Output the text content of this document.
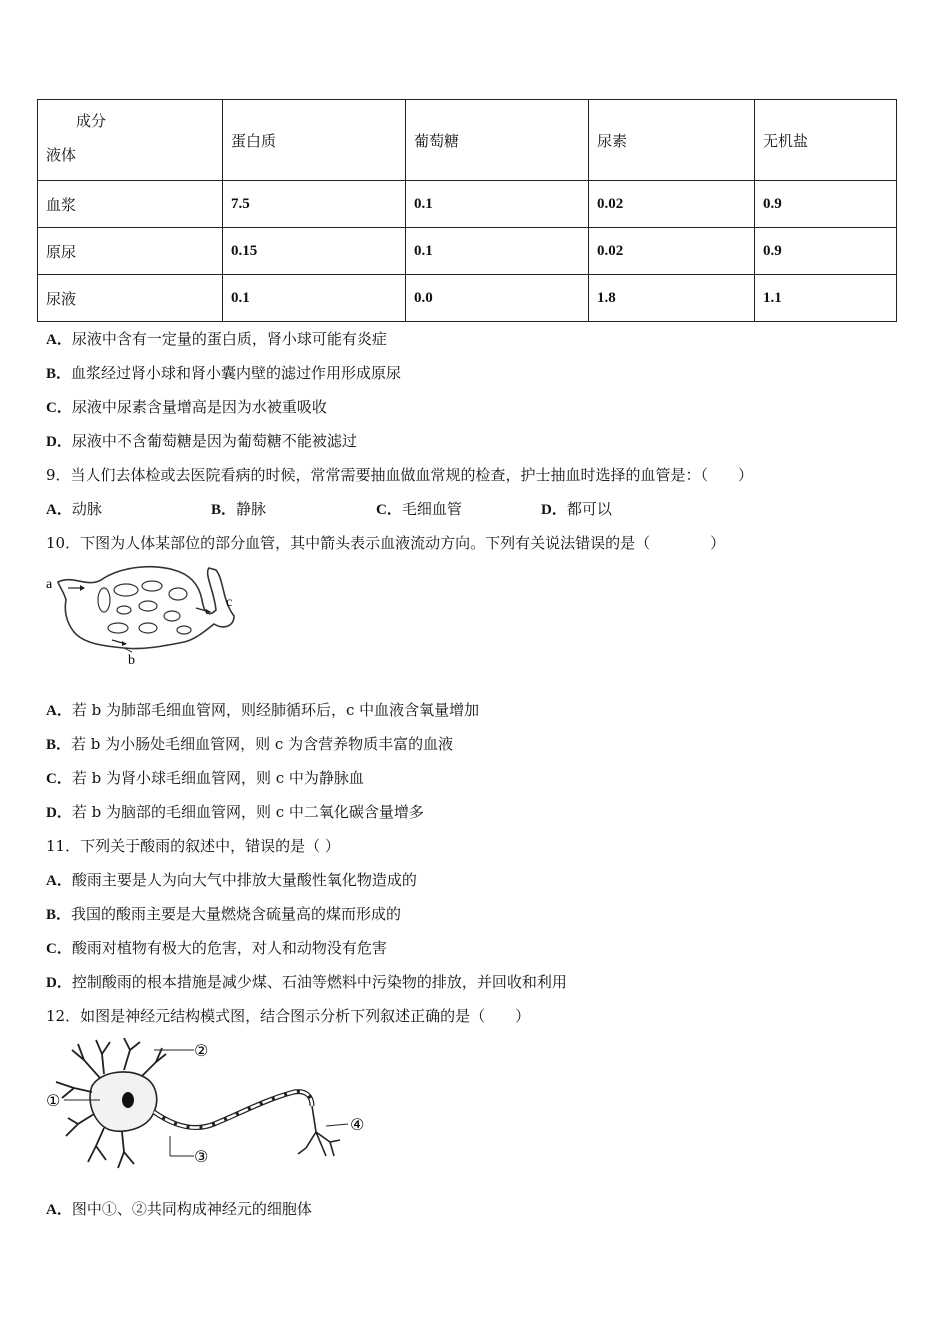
成分
液体	蛋白质	葡萄糖	尿素	无机盐
血浆	7.5	0.1	0.02	0.9
原尿	0.15	0.1	0.02	0.9
尿液	0.1	0.0	1.8	1.1
A．尿液中含有一定量的蛋白质，肾小球可能有炎症
B．血浆经过肾小球和肾小囊内壁的滤过作用形成原尿
C．尿液中尿素含量增高是因为水被重吸收
D．尿液中不含葡萄糖是因为葡萄糖不能被滤过
9．当人们去体检或去医院看病的时候，常常需要抽血做血常规的检查，护士抽血时选择的血管是：（　　）
A．动脉	B．静脉	C．毛细血管	D．都可以
10．下图为人体某部位的部分血管，其中箭头表示血液流动方向。下列有关说法错误的是（　　　　）
a
c
b
A．若 b 为肺部毛细血管网，则经肺循环后，c 中血液含氧量增加
B．若 b 为小肠处毛细血管网，则 c 为含营养物质丰富的血液
C．若 b 为肾小球毛细血管网，则 c 中为静脉血
D．若 b 为脑部的毛细血管网，则 c 中二氧化碳含量增多
11．下列关于酸雨的叙述中，错误的是（ ）
A．酸雨主要是人为向大气中排放大量酸性氧化物造成的
B．我国的酸雨主要是大量燃烧含硫量高的煤而形成的
C．酸雨对植物有极大的危害，对人和动物没有危害
D．控制酸雨的根本措施是减少煤、石油等燃料中污染物的排放，并回收和利用
12．如图是神经元结构模式图，结合图示分析下列叙述正确的是（　　）
①
②
③
④
A．图中①、②共同构成神经元的细胞体
